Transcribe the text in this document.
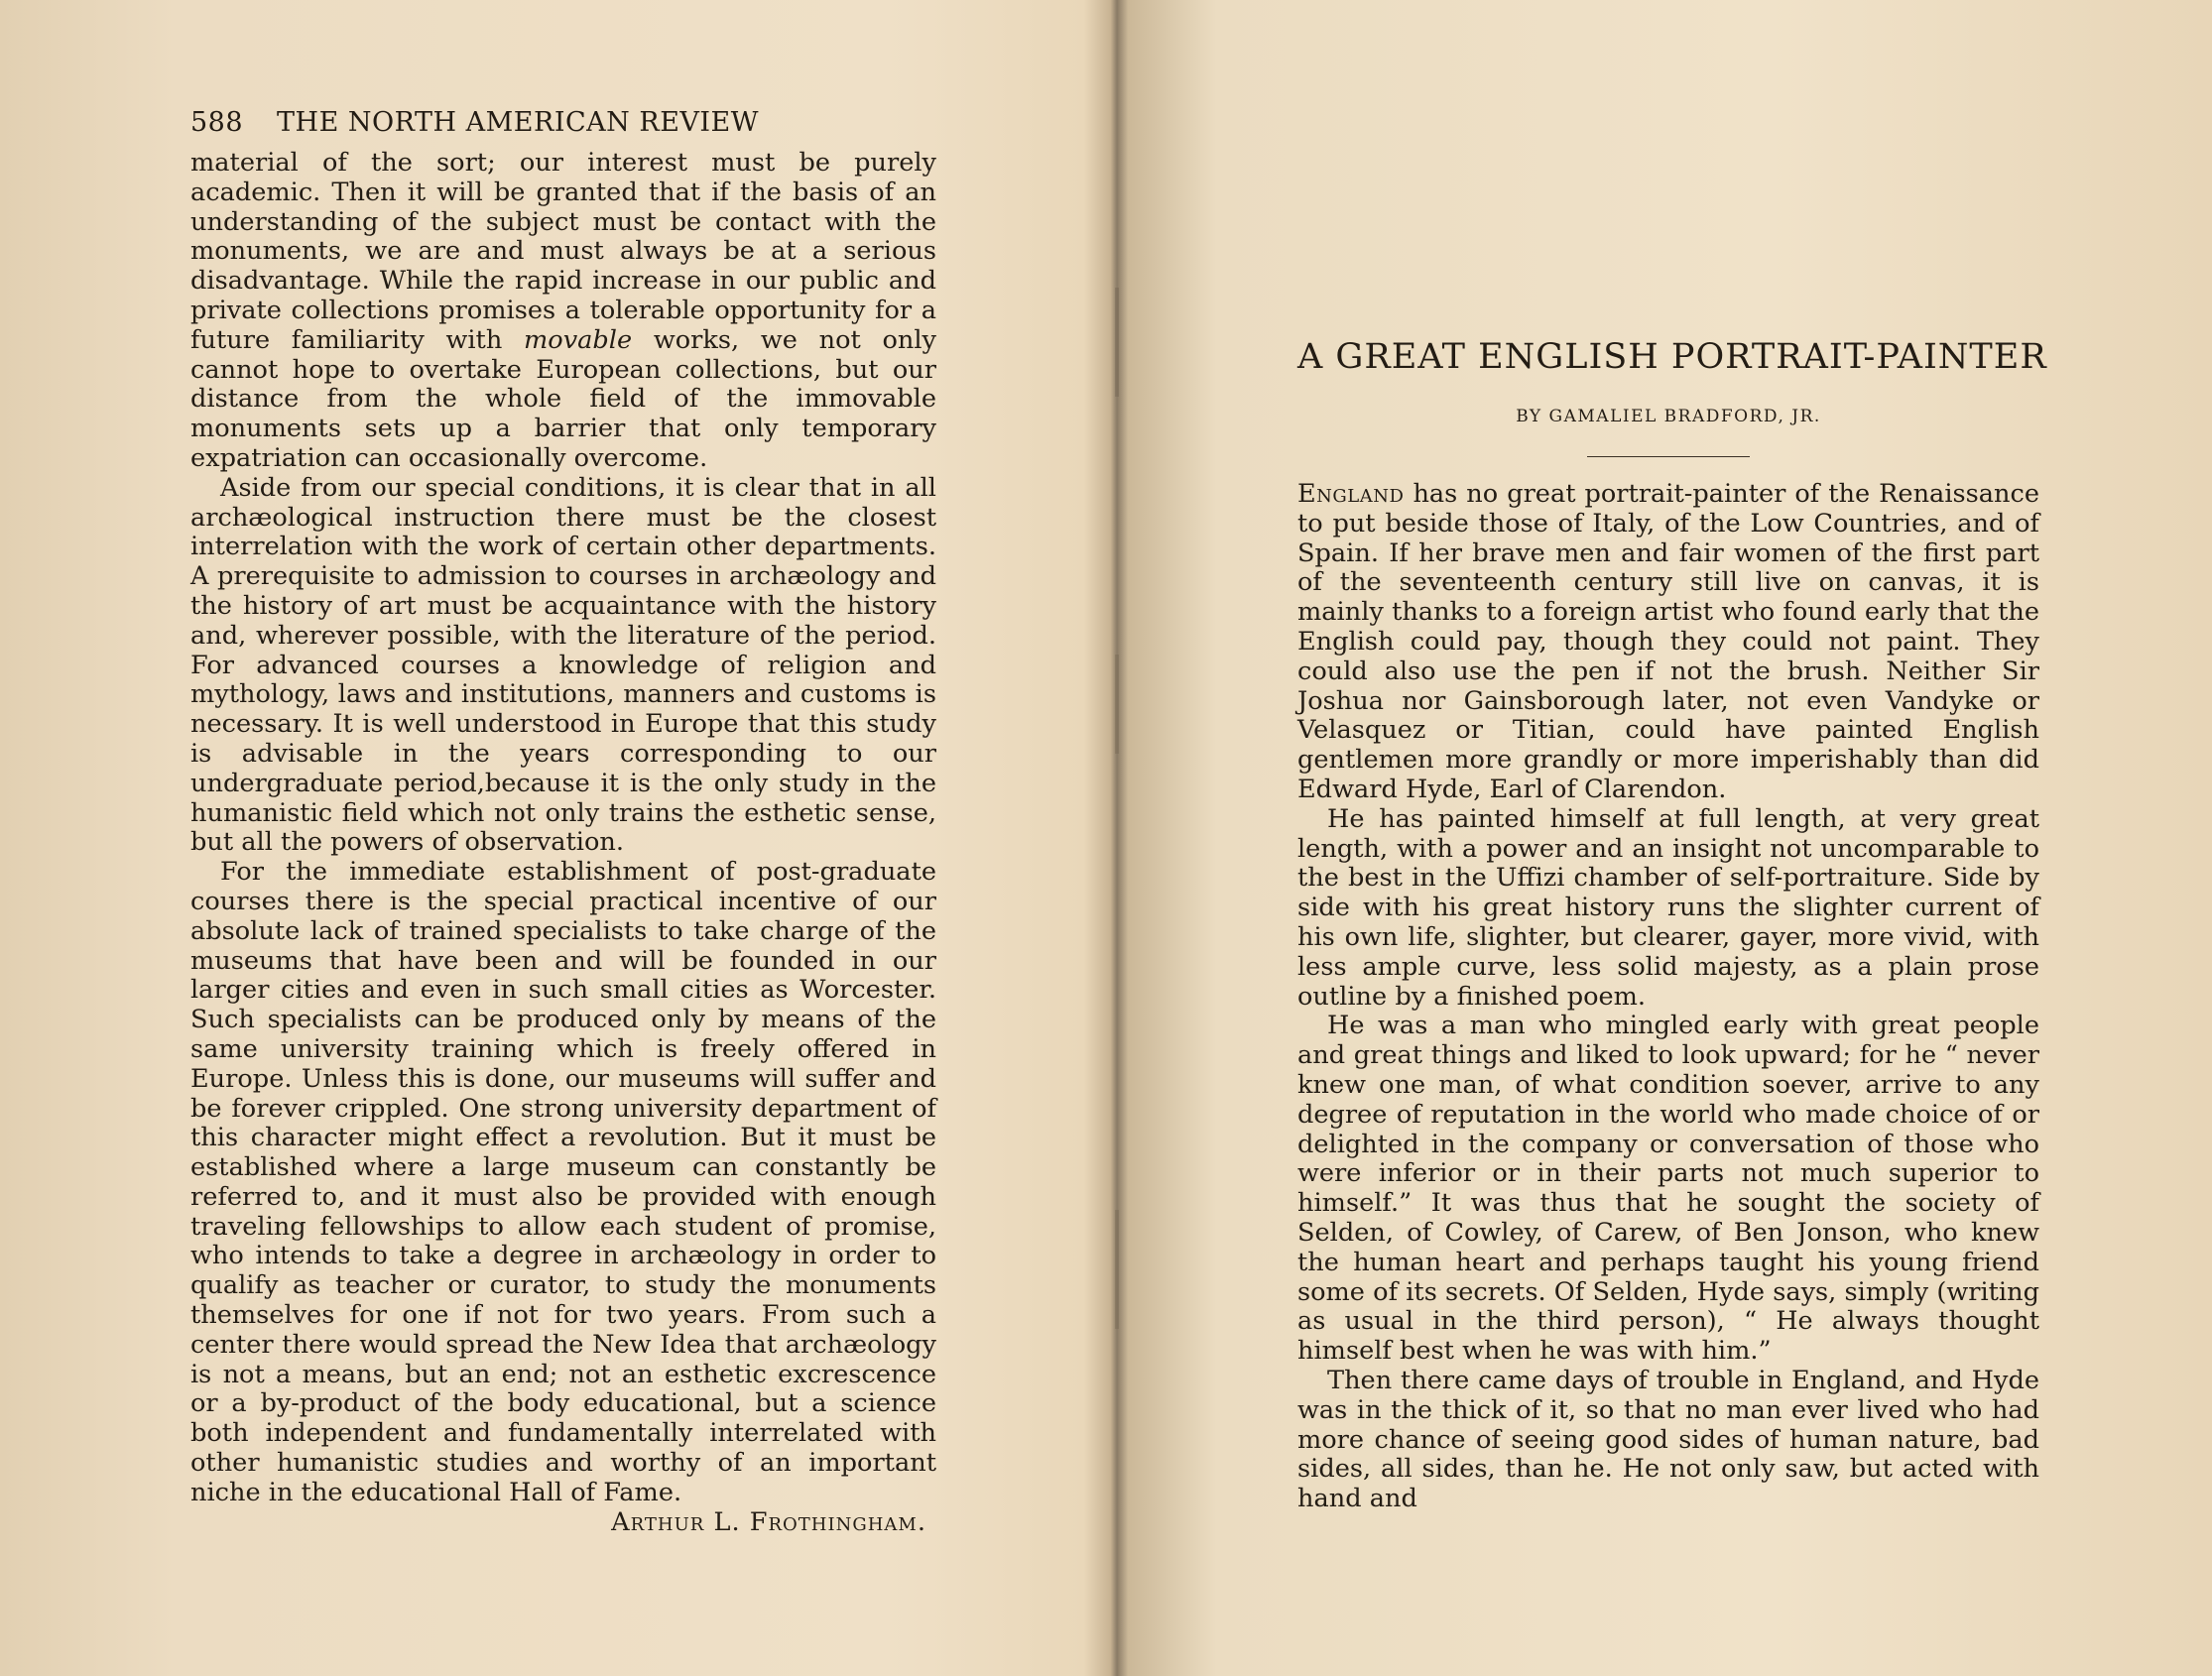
588 THE NORTH AMERICAN REVIEW

material of the sort; our interest must be purely academic. Then it will be granted that if the basis of an understanding of the subject must be contact with the monuments, we are and must always be at a serious disadvantage. While the rapid increase in our public and private collections promises a tolerable opportunity for a future familiarity with movable works, we not only cannot hope to overtake European collections, but our distance from the whole field of the immovable monuments sets up a barrier that only temporary expatriation can occasionally overcome.

Aside from our special conditions, it is clear that in all archæological instruction there must be the closest interrelation with the work of certain other departments. A prerequisite to admission to courses in archæology and the history of art must be acquaintance with the history and, wherever possible, with the literature of the period. For advanced courses a knowledge of religion and mythology, laws and institutions, manners and customs is necessary. It is well understood in Europe that this study is advisable in the years corresponding to our undergraduate period,because it is the only study in the humanistic field which not only trains the esthetic sense, but all the powers of observation.

For the immediate establishment of post-graduate courses there is the special practical incentive of our absolute lack of trained specialists to take charge of the museums that have been and will be founded in our larger cities and even in such small cities as Worcester. Such specialists can be produced only by means of the same university training which is freely offered in Europe. Unless this is done, our museums will suffer and be forever crippled. One strong university department of this character might effect a revolution. But it must be established where a large museum can constantly be referred to, and it must also be provided with enough traveling fellowships to allow each student of promise, who intends to take a degree in archæology in order to qualify as teacher or curator, to study the monuments themselves for one if not for two years. From such a center there would spread the New Idea that archæology is not a means, but an end; not an esthetic excrescence or a by-product of the body educational, but a science both independent and fundamentally interrelated with other humanistic studies and worthy of an important niche in the educational Hall of Fame.
Arthur L. Frothingham.

A GREAT ENGLISH PORTRAIT-PAINTER
BY GAMALIEL BRADFORD, JR.

England has no great portrait-painter of the Renaissance to put beside those of Italy, of the Low Countries, and of Spain. If her brave men and fair women of the first part of the seventeenth century still live on canvas, it is mainly thanks to a foreign artist who found early that the English could pay, though they could not paint. They could also use the pen if not the brush. Neither Sir Joshua nor Gainsborough later, not even Vandyke or Velasquez or Titian, could have painted English gentlemen more grandly or more imperishably than did Edward Hyde, Earl of Clarendon.

He has painted himself at full length, at very great length, with a power and an insight not uncomparable to the best in the Uffizi chamber of self-portraiture. Side by side with his great history runs the slighter current of his own life, slighter, but clearer, gayer, more vivid, with less ample curve, less solid majesty, as a plain prose outline by a finished poem.

He was a man who mingled early with great people and great things and liked to look upward; for he “ never knew one man, of what condition soever, arrive to any degree of reputation in the world who made choice of or delighted in the company or conversation of those who were inferior or in their parts not much superior to himself.” It was thus that he sought the society of Selden, of Cowley, of Carew, of Ben Jonson, who knew the human heart and perhaps taught his young friend some of its secrets. Of Selden, Hyde says, simply (writing as usual in the third person), “ He always thought himself best when he was with him.”

Then there came days of trouble in England, and Hyde was in the thick of it, so that no man ever lived who had more chance of seeing good sides of human nature, bad sides, all sides, than he. He not only saw, but acted with hand and
